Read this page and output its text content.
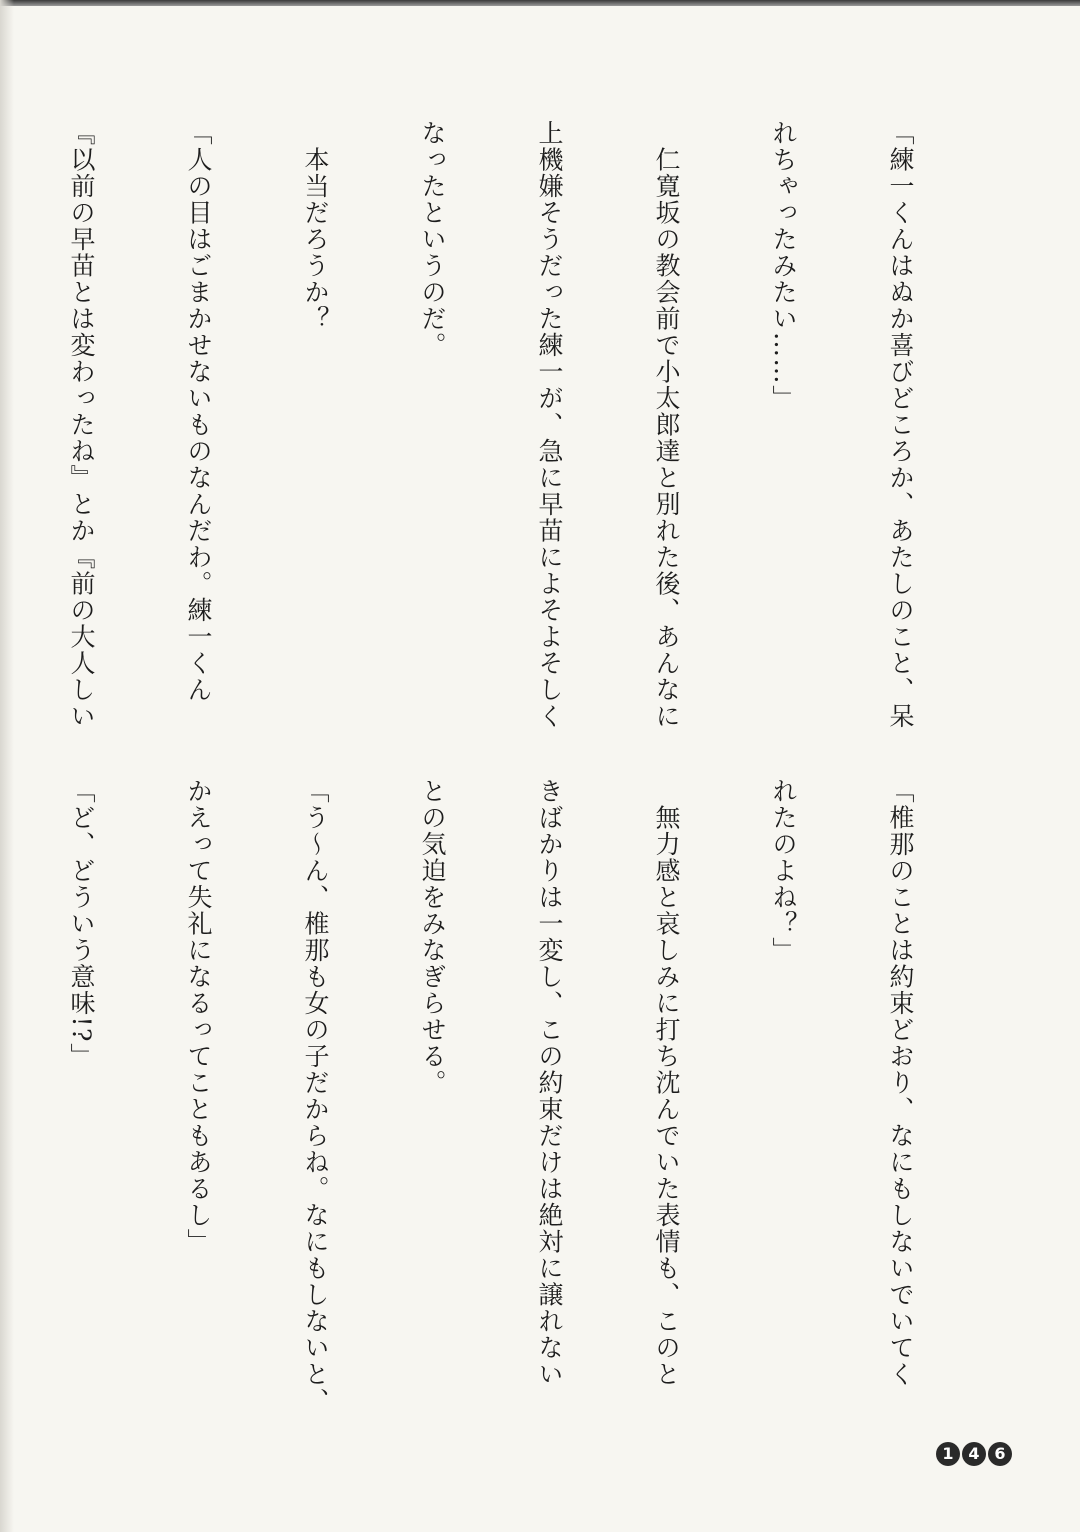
「練一くんはぬか喜びどころか、あたしのこと、呆

れちゃったみたい……」

　仁寛坂の教会前で小太郎達と別れた後、あんなに

上機嫌そうだった練一が、急に早苗によそよそしく

なったというのだ。

　本当だろうか？

「人の目はごまかせないものなんだわ。練一くん

『以前の早苗とは変わったね』とか『前の大人しい

「椎那のことは約束どおり、なにもしないでいてく

れたのよね？」

　無力感と哀しみに打ち沈んでいた表情も、このと

きばかりは一変し、この約束だけは絶対に譲れない

との気迫をみなぎらせる。

「う〜ん、椎那も女の子だからね。なにもしないと、

かえって失礼になるってこともあるし」

「ど、どういう意味!?」

1 4 6
